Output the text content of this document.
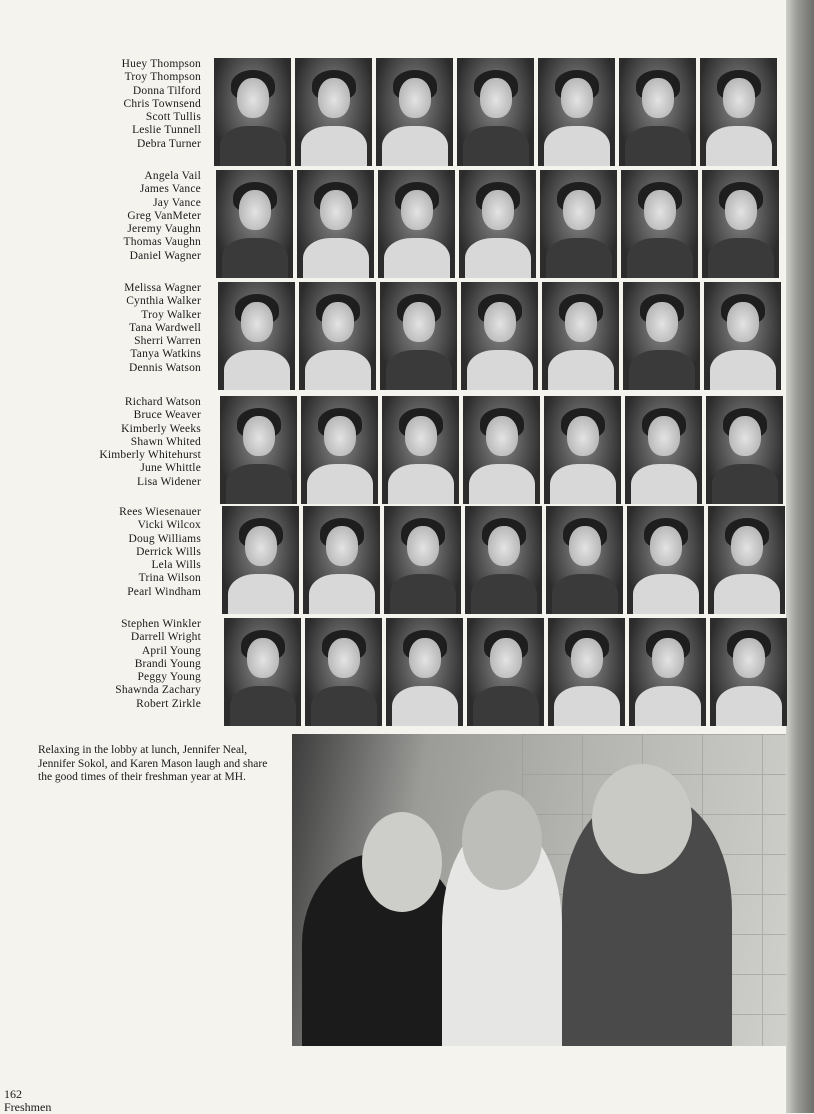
Huey Thompson
Troy Thompson
Donna Tilford
Chris Townsend
Scott Tullis
Leslie Tunnell
Debra Turner
Angela Vail
James Vance
Jay Vance
Greg VanMeter
Jeremy Vaughn
Thomas Vaughn
Daniel Wagner
Melissa Wagner
Cynthia Walker
Troy Walker
Tana Wardwell
Sherri Warren
Tanya Watkins
Dennis Watson
Richard Watson
Bruce Weaver
Kimberly Weeks
Shawn Whited
Kimberly Whitehurst
June Whittle
Lisa Widener
Rees Wiesenauer
Vicki Wilcox
Doug Williams
Derrick Wills
Lela Wills
Trina Wilson
Pearl Windham
Stephen Winkler
Darrell Wright
April Young
Brandi Young
Peggy Young
Shawnda Zachary
Robert Zirkle
Relaxing in the lobby at lunch, Jennifer Neal, Jennifer Sokol, and Karen Mason laugh and share the good times of their freshman year at MH.
162
Freshmen
